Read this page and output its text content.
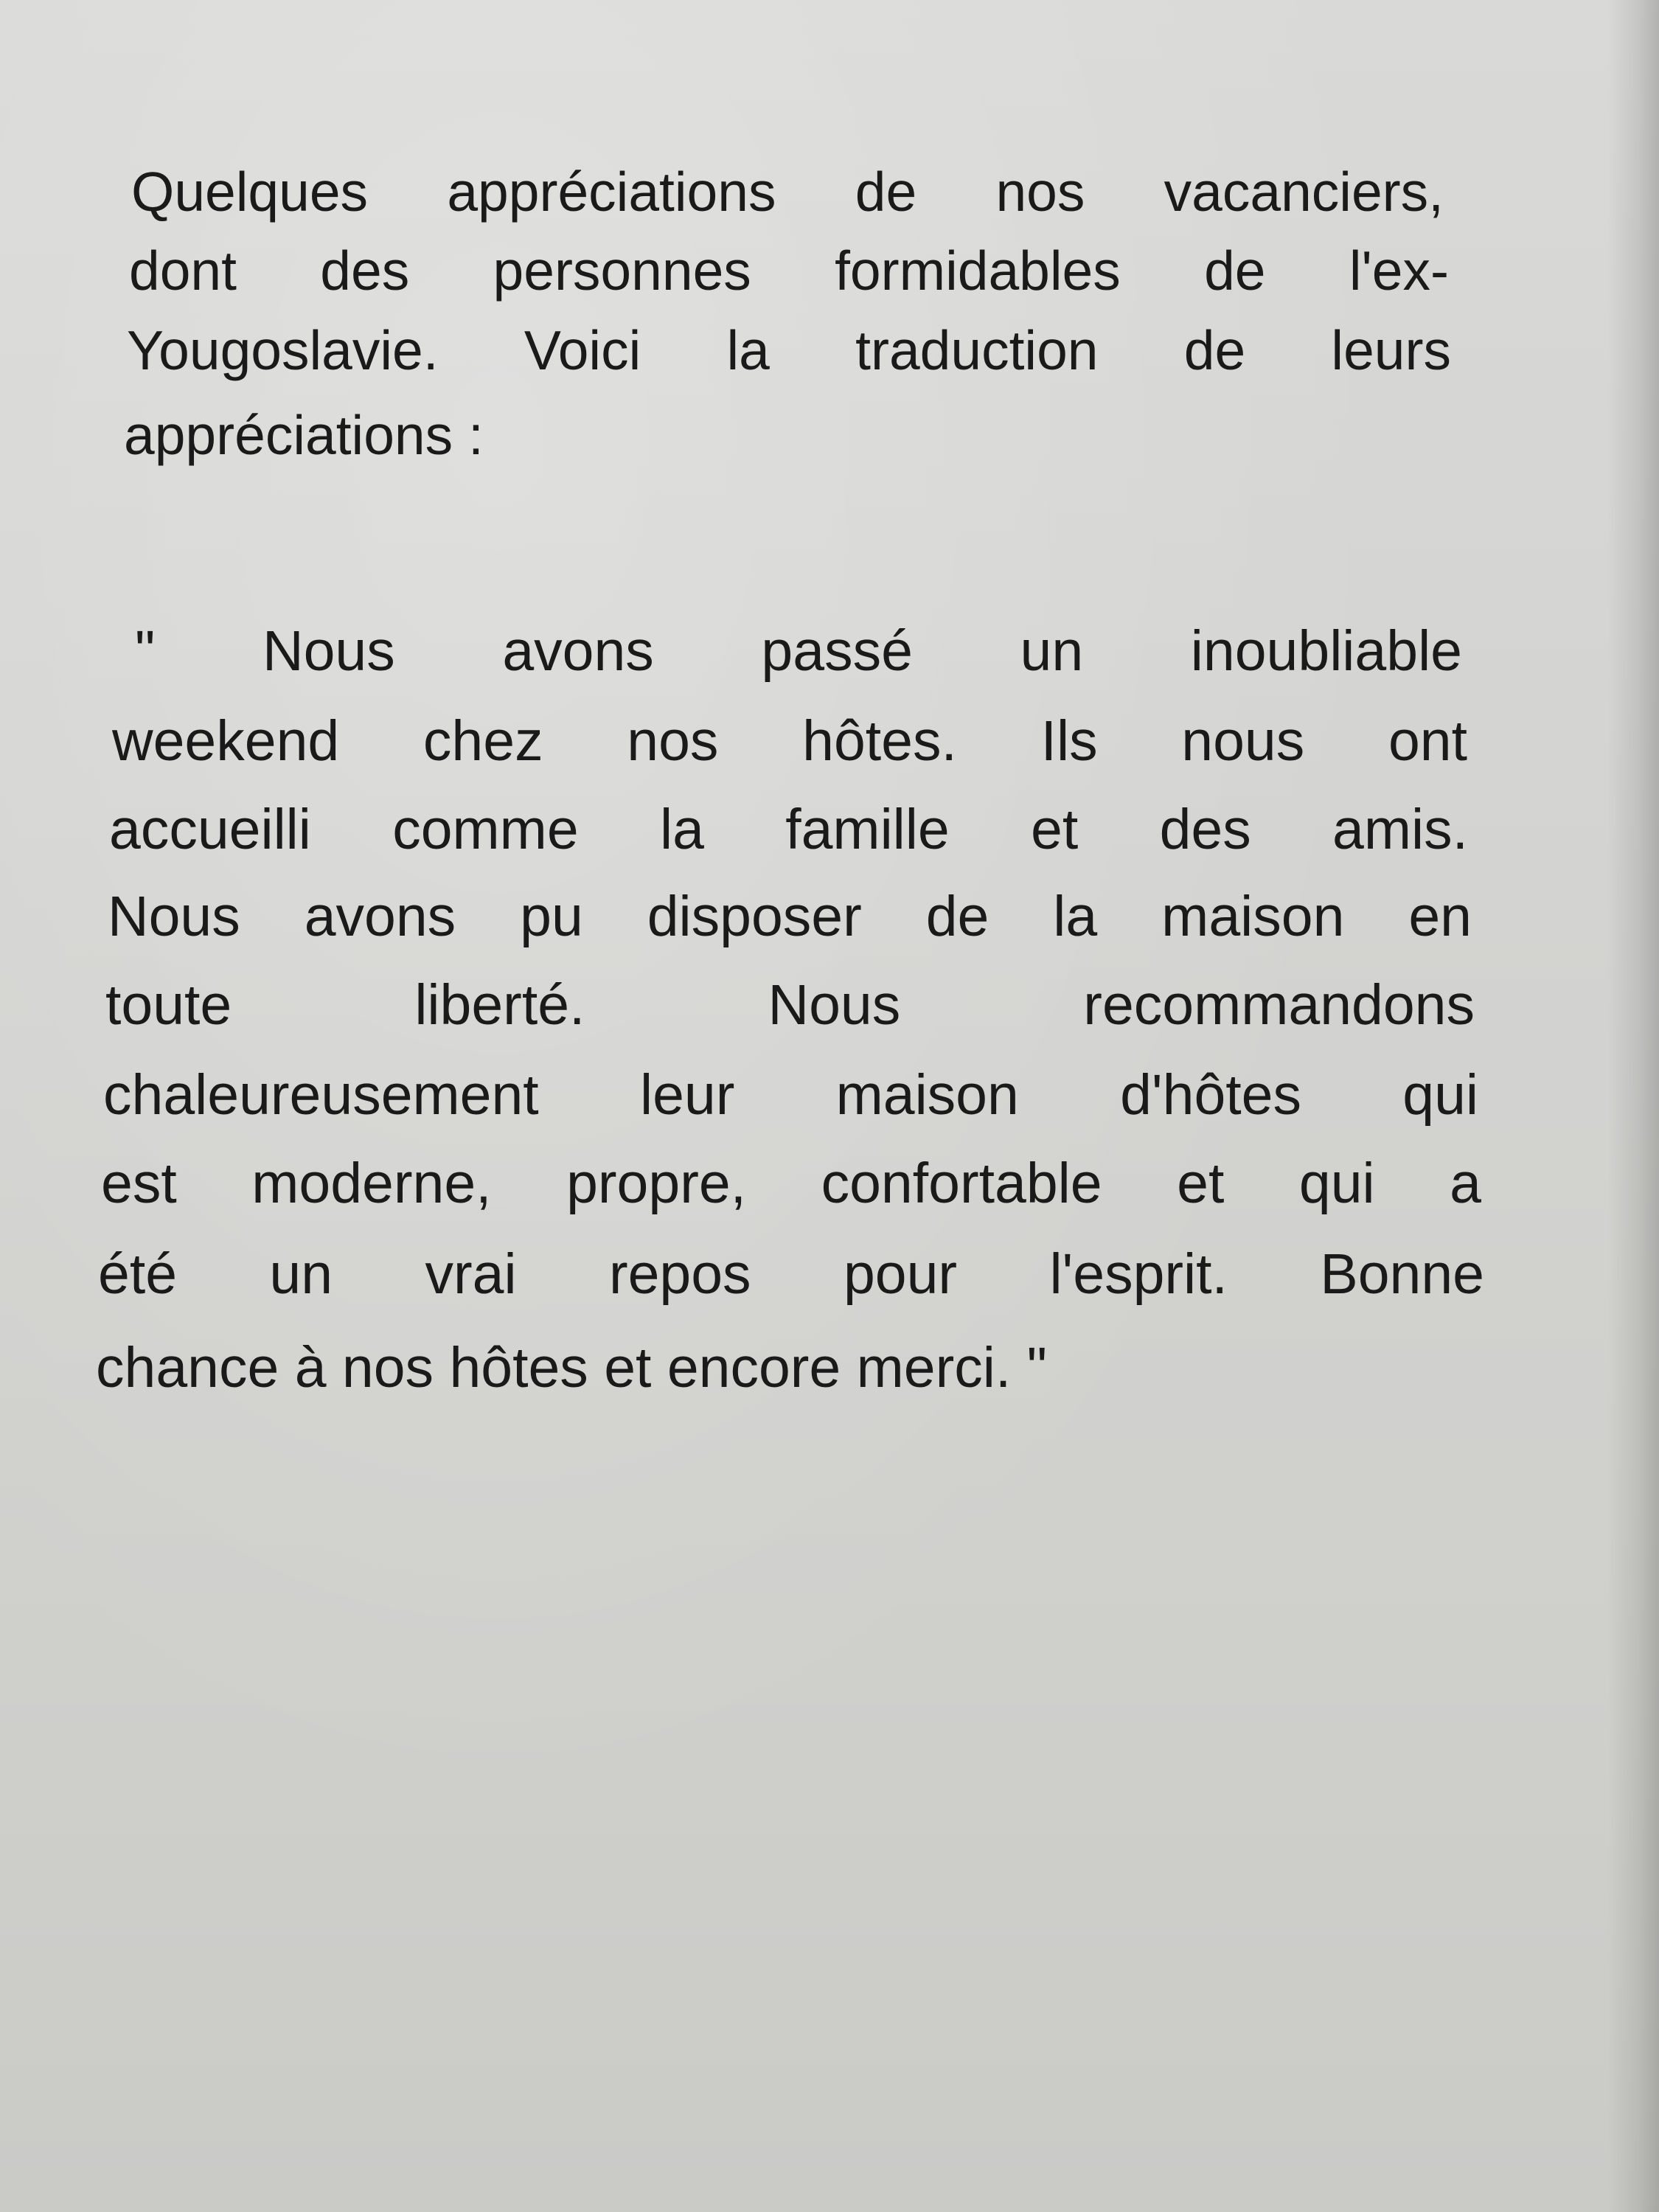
Quelques appréciations de nos vacanciers,
dont des personnes formidables de l'ex-
Yougoslavie. Voici la traduction de leurs
appréciations :
" Nous avons passé un inoubliable
weekend chez nos hôtes. Ils nous ont
accueilli comme la famille et des amis.
Nous avons pu disposer de la maison en
toute liberté. Nous recommandons
chaleureusement leur maison d'hôtes qui
est moderne, propre, confortable et qui a
été un vrai repos pour l'esprit. Bonne
chance à nos hôtes et encore merci. "
